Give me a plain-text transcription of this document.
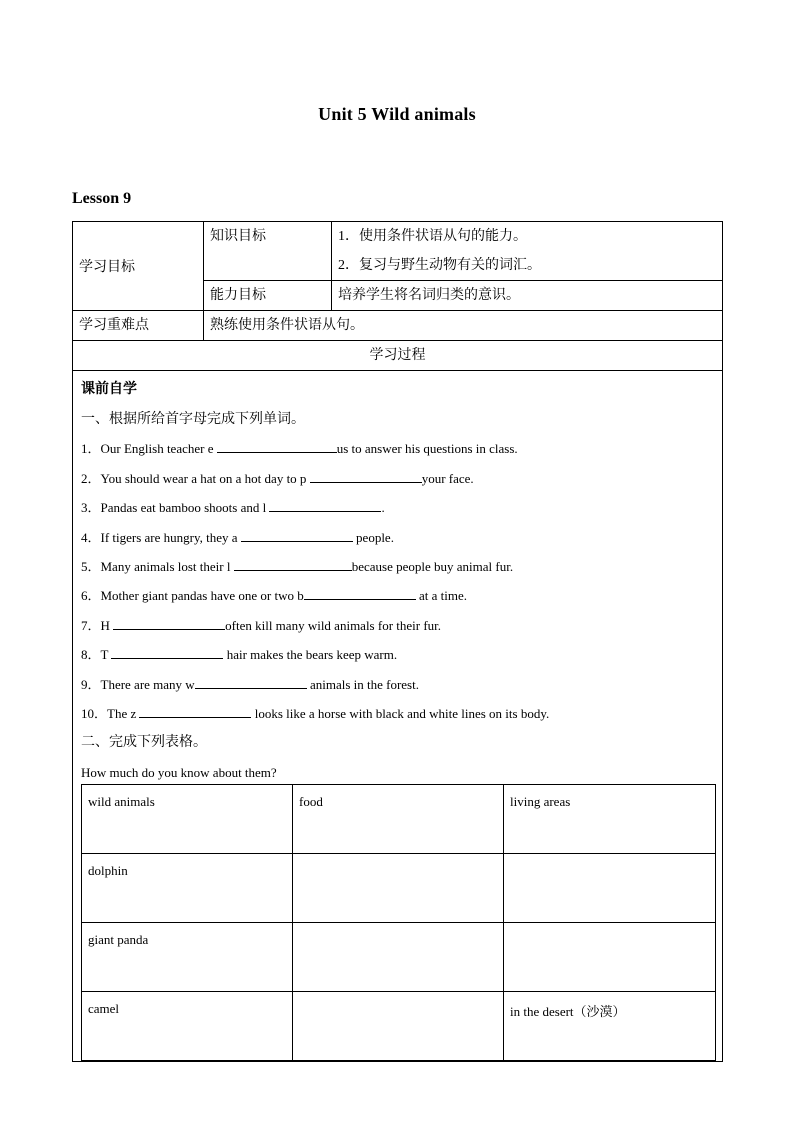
Unit 5 Wild animals
Lesson 9
学习目标	
知识目标	1．使用条件状语从句的能力。
2．复习与野生动物有关的词汇。

能力目标	培养学生将名词归类的意识。

学习重难点	熟练使用条件状语从句。

学习过程

课前自学
一、根据所给首字母完成下列单词。
1．Our English teacher e	us to answer his questions in class.
2．You should wear a hat on a hot day to p	your face.
3．Pandas eat bamboo shoots and l	.
4．If tigers are hungry, they a	people.
5．Many animals lost their l	because people buy animal fur.
6．Mother giant pandas have one or two b	at a time.
7．H	often kill many wild animals for their fur.
8．T	hair makes the bears keep warm.
9．There are many w	animals in the forest.
10．The z	looks like a horse with black and white lines on its body.
二、完成下列表格。
How much do you know about them?
wild animals	food	living areas
dolphin		
giant panda		
camel		in the desert（沙漠）
